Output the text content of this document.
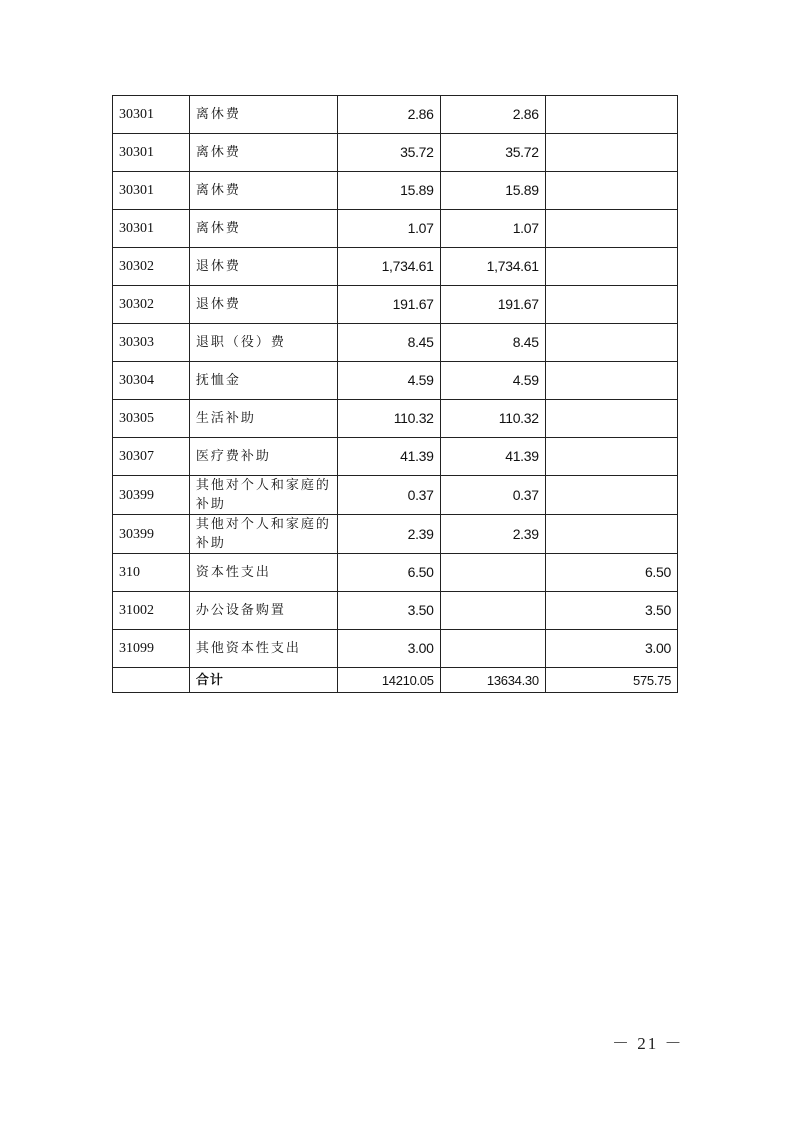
30301	离休费	2.86	2.86	
30301	离休费	35.72	35.72	
30301	离休费	15.89	15.89	
30301	离休费	1.07	1.07	
30302	退休费	1,734.61	1,734.61	
30302	退休费	191.67	191.67	
30303	退职（役）费	8.45	8.45	
30304	抚恤金	4.59	4.59	
30305	生活补助	110.32	110.32	
30307	医疗费补助	41.39	41.39	
30399	其他对个人和家庭的补助	0.37	0.37	
30399	其他对个人和家庭的补助	2.39	2.39	
310	资本性支出	6.50		6.50
31002	办公设备购置	3.50		3.50
31099	其他资本性支出	3.00		3.00
	合计	14210.05	13634.30	575.75
－ 21 －
